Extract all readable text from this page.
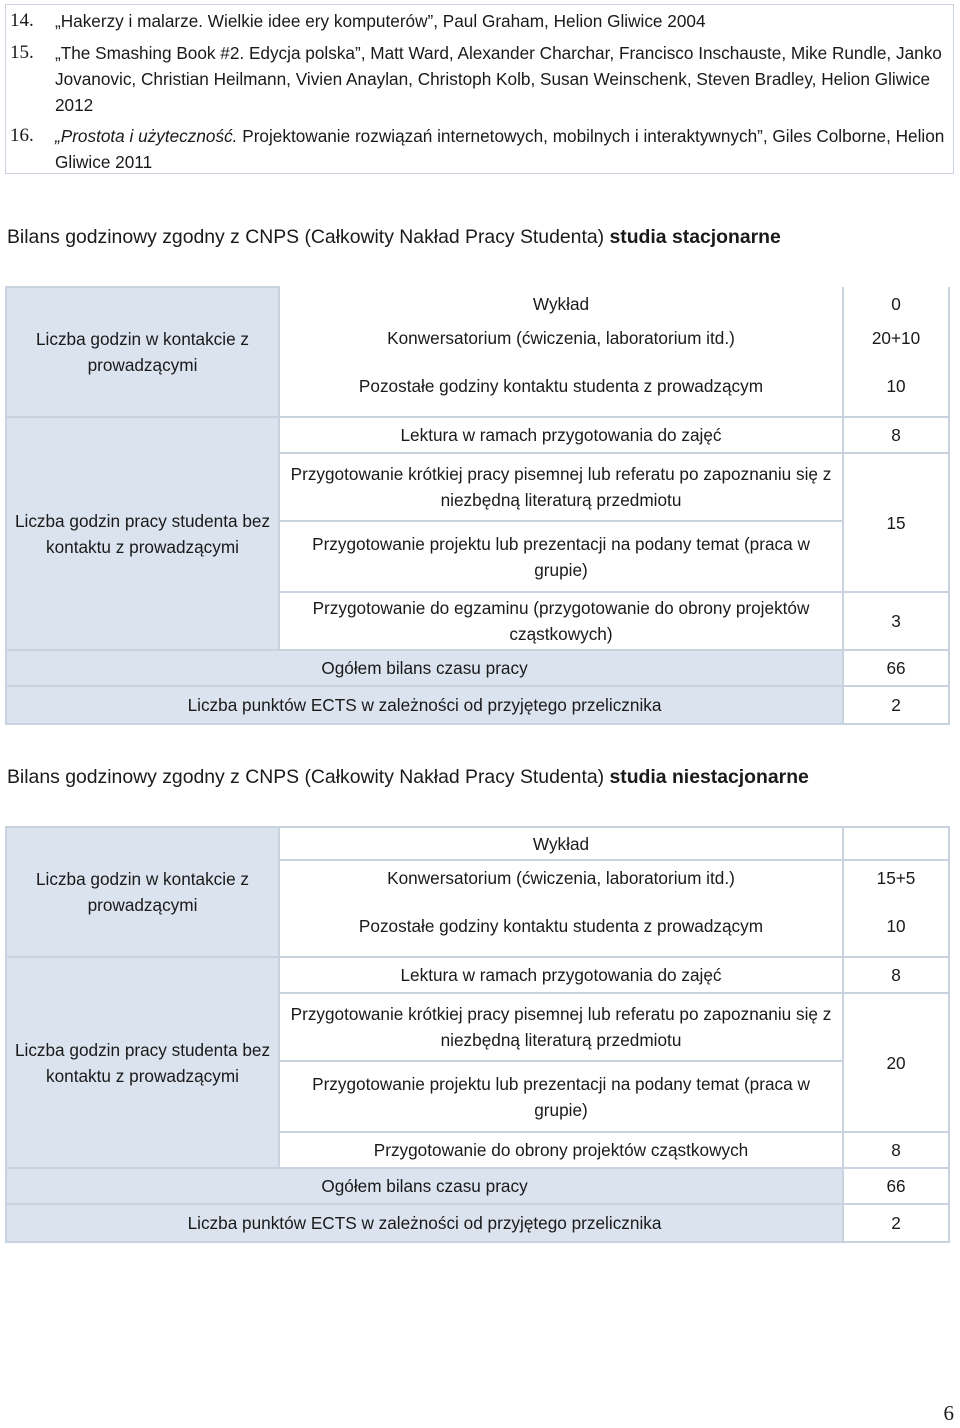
14.	„Hakerzy i malarze. Wielkie idee ery komputerów”, Paul Graham, Helion Gliwice 2004
15.	„The Smashing Book #2. Edycja polska”, Matt Ward, Alexander Charchar, Francisco Inschauste, Mike Rundle, Janko Jovanovic, Christian Heilmann, Vivien Anaylan, Christoph Kolb, Susan Weinschenk, Steven Bradley, Helion Gliwice 2012
16.	„Prostota i użyteczność. Projektowanie rozwiązań internetowych, mobilnych i interaktywnych”, Giles Colborne, Helion Gliwice 2011
Bilans godzinowy zgodny z CNPS (Całkowity Nakład Pracy Studenta) studia stacjonarne
Liczba godzin w kontakcie z prowadzącymi	Wykład	0
	Konwersatorium (ćwiczenia, laboratorium itd.)	20+10
	Pozostałe godziny kontaktu studenta z prowadzącym	10
Liczba godzin pracy studenta bez kontaktu z prowadzącymi	Lektura w ramach przygotowania do zajęć	8
	Przygotowanie krótkiej pracy pisemnej lub referatu po zapoznaniu się z niezbędną literaturą przedmiotu	15
	Przygotowanie projektu lub prezentacji na podany temat (praca w grupie)	
	Przygotowanie do egzaminu (przygotowanie do obrony projektów cząstkowych)	3
Ogółem bilans czasu pracy		66
Liczba punktów ECTS w zależności od przyjętego przelicznika		2
Bilans godzinowy zgodny z CNPS (Całkowity Nakład Pracy Studenta) studia niestacjonarne
Liczba godzin w kontakcie z prowadzącymi	Wykład	
	Konwersatorium (ćwiczenia, laboratorium itd.)	15+5
	Pozostałe godziny kontaktu studenta z prowadzącym	10
Liczba godzin pracy studenta bez kontaktu z prowadzącymi	Lektura w ramach przygotowania do zajęć	8
	Przygotowanie krótkiej pracy pisemnej lub referatu po zapoznaniu się z niezbędną literaturą przedmiotu	20
	Przygotowanie projektu lub prezentacji na podany temat (praca w grupie)	
	Przygotowanie do obrony projektów cząstkowych	8
Ogółem bilans czasu pracy		66
Liczba punktów ECTS w zależności od przyjętego przelicznika		2
6
